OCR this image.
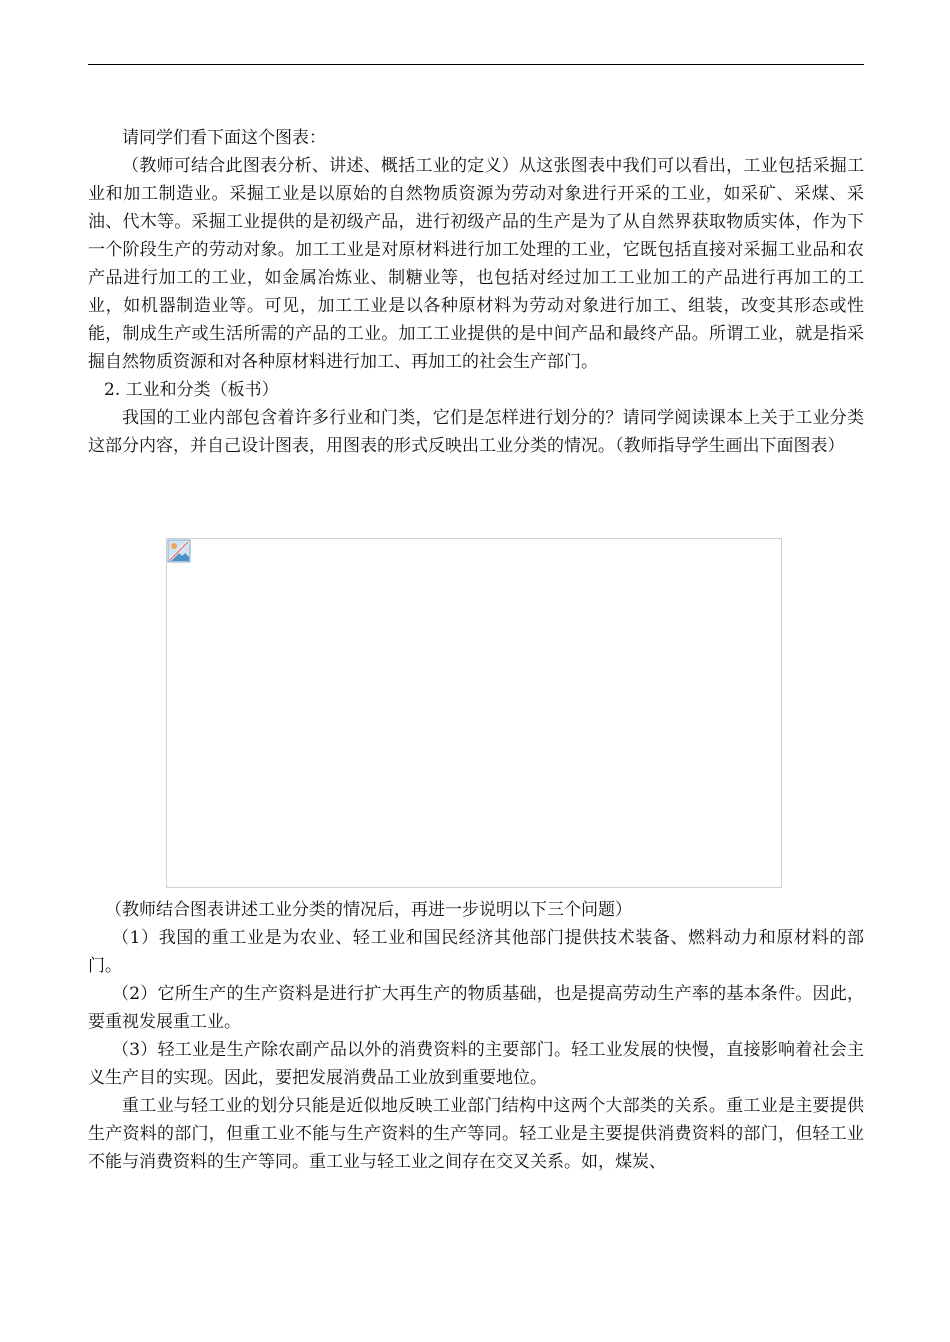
请同学们看下面这个图表：

（教师可结合此图表分析、讲述、概括工业的定义）从这张图表中我们可以看出，工业包括采掘工业和加工制造业。采掘工业是以原始的自然物质资源为劳动对象进行开采的工业，如采矿、采煤、采油、代木等。采掘工业提供的是初级产品，进行初级产品的生产是为了从自然界获取物质实体，作为下一个阶段生产的劳动对象。加工工业是对原材料进行加工处理的工业，它既包括直接对采掘工业品和农产品进行加工的工业，如金属冶炼业、制糖业等，也包括对经过加工工业加工的产品进行再加工的工业，如机器制造业等。可见，加工工业是以各种原材料为劳动对象进行加工、组装，改变其形态或性能，制成生产或生活所需的产品的工业。加工工业提供的是中间产品和最终产品。所谓工业，就是指采掘自然物质资源和对各种原材料进行加工、再加工的社会生产部门。

2. 工业和分类（板书）

我国的工业内部包含着许多行业和门类，它们是怎样进行划分的？请同学阅读课本上关于工业分类这部分内容，并自己设计图表，用图表的形式反映出工业分类的情况。（教师指导学生画出下面图表）

（教师结合图表讲述工业分类的情况后，再进一步说明以下三个问题）

（1）我国的重工业是为农业、轻工业和国民经济其他部门提供技术装备、燃料动力和原材料的部门。

（2）它所生产的生产资料是进行扩大再生产的物质基础，也是提高劳动生产率的基本条件。因此，要重视发展重工业。

（3）轻工业是生产除农副产品以外的消费资料的主要部门。轻工业发展的快慢，直接影响着社会主义生产目的实现。因此，要把发展消费品工业放到重要地位。

重工业与轻工业的划分只能是近似地反映工业部门结构中这两个大部类的关系。重工业是主要提供生产资料的部门，但重工业不能与生产资料的生产等同。轻工业是主要提供消费资料的部门，但轻工业不能与消费资料的生产等同。重工业与轻工业之间存在交叉关系。如，煤炭、
